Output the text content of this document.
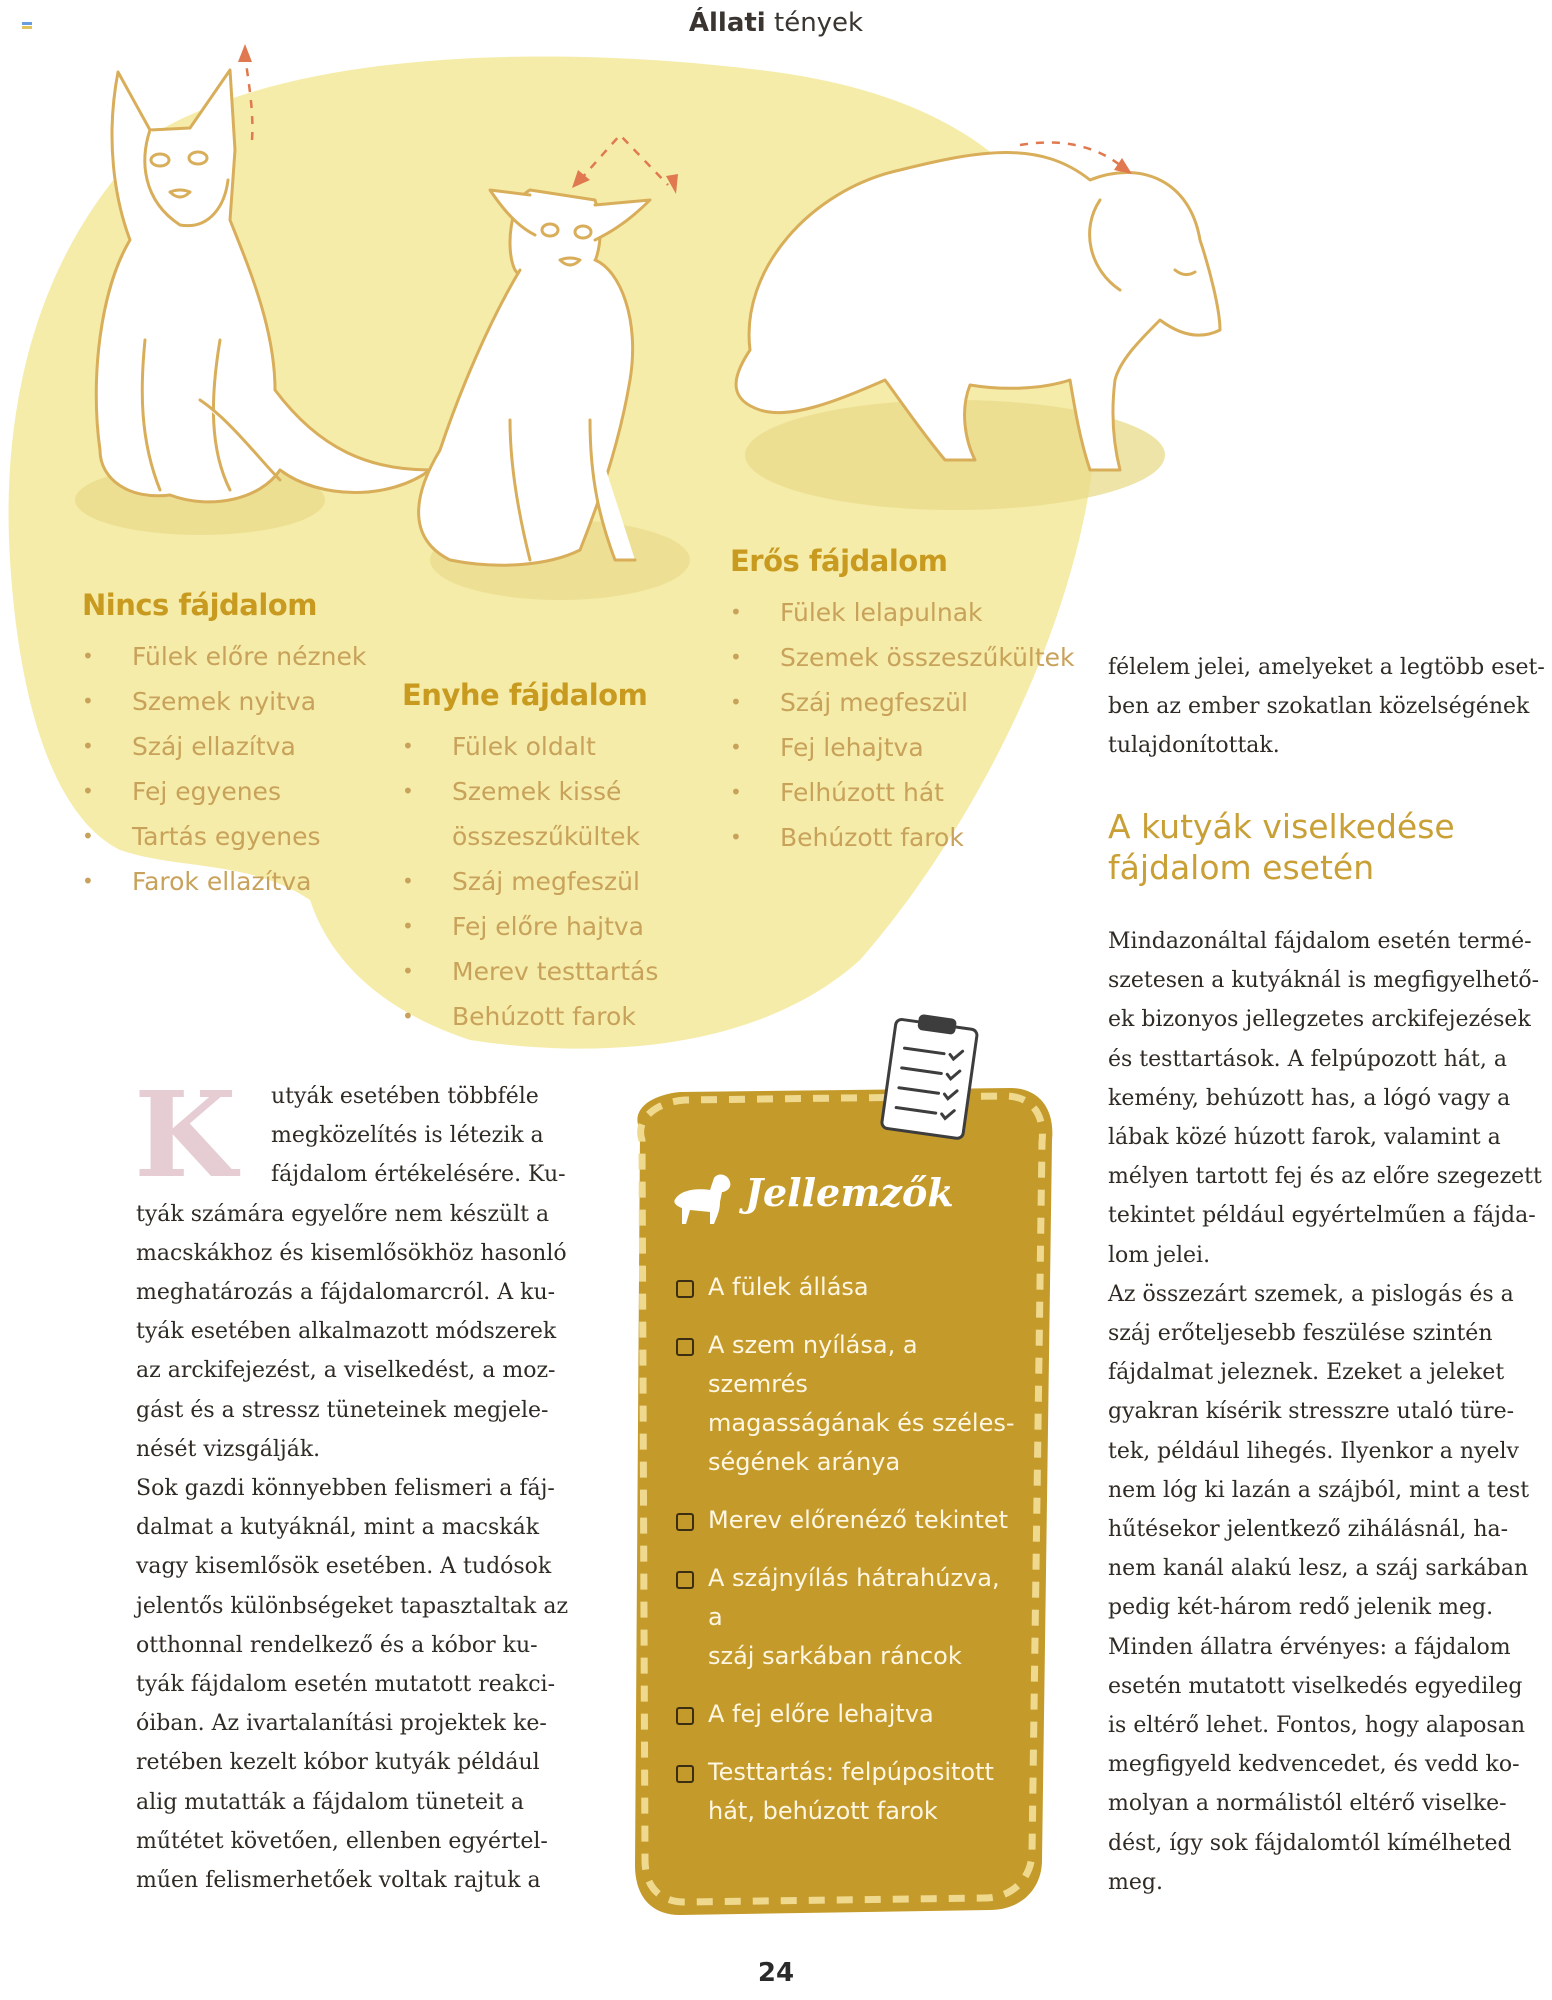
Állati tények
Nincs fájdalom
• Fülek előre néznek
• Szemek nyitva
• Száj ellazítva
• Fej egyenes
• Tartás egyenes
• Farok ellazítva
Enyhe fájdalom
• Fülek oldalt
• Szemek kissé
összeszűkültek
• Száj megfeszül
• Fej előre hajtva
• Merev testtartás
• Behúzott farok
Erős fájdalom
• Fülek lelapulnak
• Szemek összeszűkültek
• Száj megfeszül
• Fej lehajtva
• Felhúzott hát
• Behúzott farok
K	utyák esetében többféle

megközelítés is létezik a

fájdalom értékelésére. Ku-

tyák számára egyelőre nem készült a

macskákhoz és kisemlősökhöz hasonló

meghatározás a fájdalomarcról. A ku-

tyák esetében alkalmazott módszerek

az arckifejezést, a viselkedést, a moz-

gást és a stressz tüneteinek megjele-

nését vizsgálják.

Sok gazdi könnyebben felismeri a fáj-

dalmat a kutyáknál, mint a macskák

vagy kisemlősök esetében. A tudósok

jelentős különbségeket tapasztaltak az

otthonnal rendelkező és a kóbor ku-

tyák fájdalom esetén mutatott reakci-

óiban. Az ivartalanítási projektek ke-

retében kezelt kóbor kutyák például

alig mutatták a fájdalom tüneteit a

műtétet követően, ellenben egyértel-

műen felismerhetőek voltak rajtuk a

Jellemzők
A fülek állása
A szem nyílása, a szemrés
magasságának és széles-
ségének aránya
Merev előrenéző tekintet
A szájnyílás hátrahúzva, a
száj sarkában ráncok
A fej előre lehajtva
Testtartás: felpúpositott
hát, behúzott farok

félelem jelei, amelyeket a legtöbb eset-

ben az ember szokatlan közelségének

tulajdonítottak.

A kutyák viselkedése
fájdalom esetén

Mindazonáltal fájdalom esetén termé-

szetesen a kutyáknál is megfigyelhető-

ek bizonyos jellegzetes arckifejezések

és testtartások. A felpúpozott hát, a

kemény, behúzott has, a lógó vagy a

lábak közé húzott farok, valamint a

mélyen tartott fej és az előre szegezett

tekintet például egyértelműen a fájda-

lom jelei.

Az összezárt szemek, a pislogás és a

száj erőteljesebb feszülése szintén

fájdalmat jeleznek. Ezeket a jeleket

gyakran kísérik stresszre utaló türe-

tek, például lihegés. Ilyenkor a nyelv

nem lóg ki lazán a szájból, mint a test

hűtésekor jelentkező zihálásnál, ha-

nem kanál alakú lesz, a száj sarkában

pedig két-három redő jelenik meg.

Minden állatra érvényes: a fájdalom

esetén mutatott viselkedés egyedileg

is eltérő lehet. Fontos, hogy alaposan

megfigyeld kedvencedet, és vedd ko-

molyan a normálistól eltérő viselke-

dést, így sok fájdalomtól kímélheted

meg.

24
